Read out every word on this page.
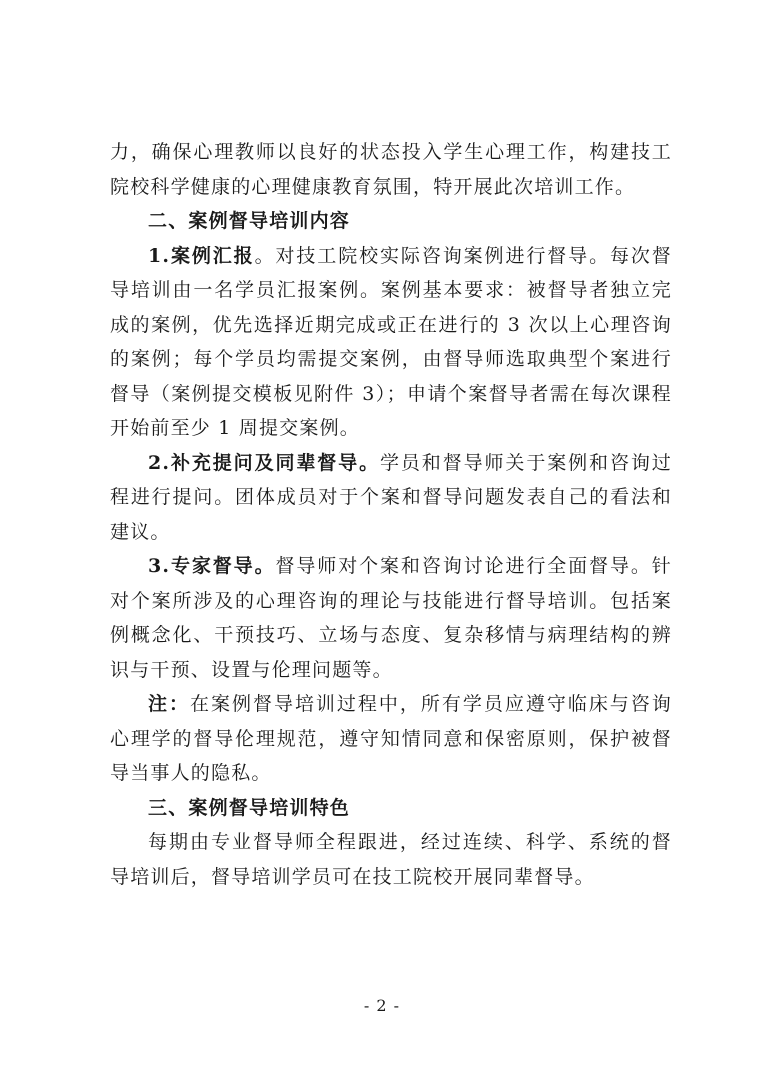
力，确保心理教师以良好的状态投入学生心理工作，构建技工院校科学健康的心理健康教育氛围，特开展此次培训工作。

二、案例督导培训内容

1.案例汇报。对技工院校实际咨询案例进行督导。每次督导培训由一名学员汇报案例。案例基本要求：被督导者独立完成的案例，优先选择近期完成或正在进行的 3 次以上心理咨询的案例；每个学员均需提交案例，由督导师选取典型个案进行督导（案例提交模板见附件 3）；申请个案督导者需在每次课程开始前至少 1 周提交案例。

2.补充提问及同辈督导。学员和督导师关于案例和咨询过程进行提问。团体成员对于个案和督导问题发表自己的看法和建议。

3.专家督导。督导师对个案和咨询讨论进行全面督导。针对个案所涉及的心理咨询的理论与技能进行督导培训。包括案例概念化、干预技巧、立场与态度、复杂移情与病理结构的辨识与干预、设置与伦理问题等。

注：在案例督导培训过程中，所有学员应遵守临床与咨询心理学的督导伦理规范，遵守知情同意和保密原则，保护被督导当事人的隐私。

三、案例督导培训特色

每期由专业督导师全程跟进，经过连续、科学、系统的督导培训后，督导培训学员可在技工院校开展同辈督导。

- 2 -
